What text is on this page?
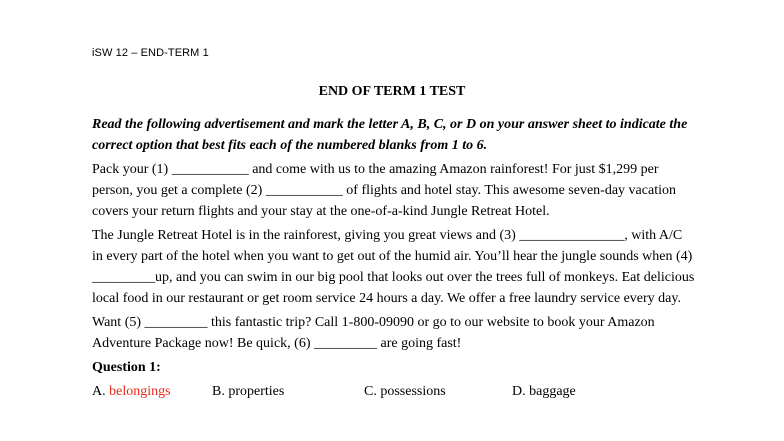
iSW 12 – END-TERM 1
END OF TERM 1 TEST

Read the following advertisement and mark the letter A, B, C, or D on your answer sheet to indicate the correct option that best fits each of the numbered blanks from 1 to 6.

Pack your (1) ___________ and come with us to the amazing Amazon rainforest! For just $1,299 per person, you get a complete (2) ___________ of flights and hotel stay. This awesome seven-day vacation covers your return flights and your stay at the one-of-a-kind Jungle Retreat Hotel.

The Jungle Retreat Hotel is in the rainforest, giving you great views and (3) _______________, with A/C in every part of the hotel when you want to get out of the humid air. You’ll hear the jungle sounds when (4) _________up, and you can swim in our big pool that looks out over the trees full of monkeys. Eat delicious local food in our restaurant or get room service 24 hours a day. We offer a free laundry service every day.

Want (5) _________ this fantastic trip? Call 1-800-09090 or go to our website to book your Amazon Adventure Package now! Be quick, (6) _________ are going fast!

Question 1:

A. belongings	B. properties	C. possessions	D. baggage
